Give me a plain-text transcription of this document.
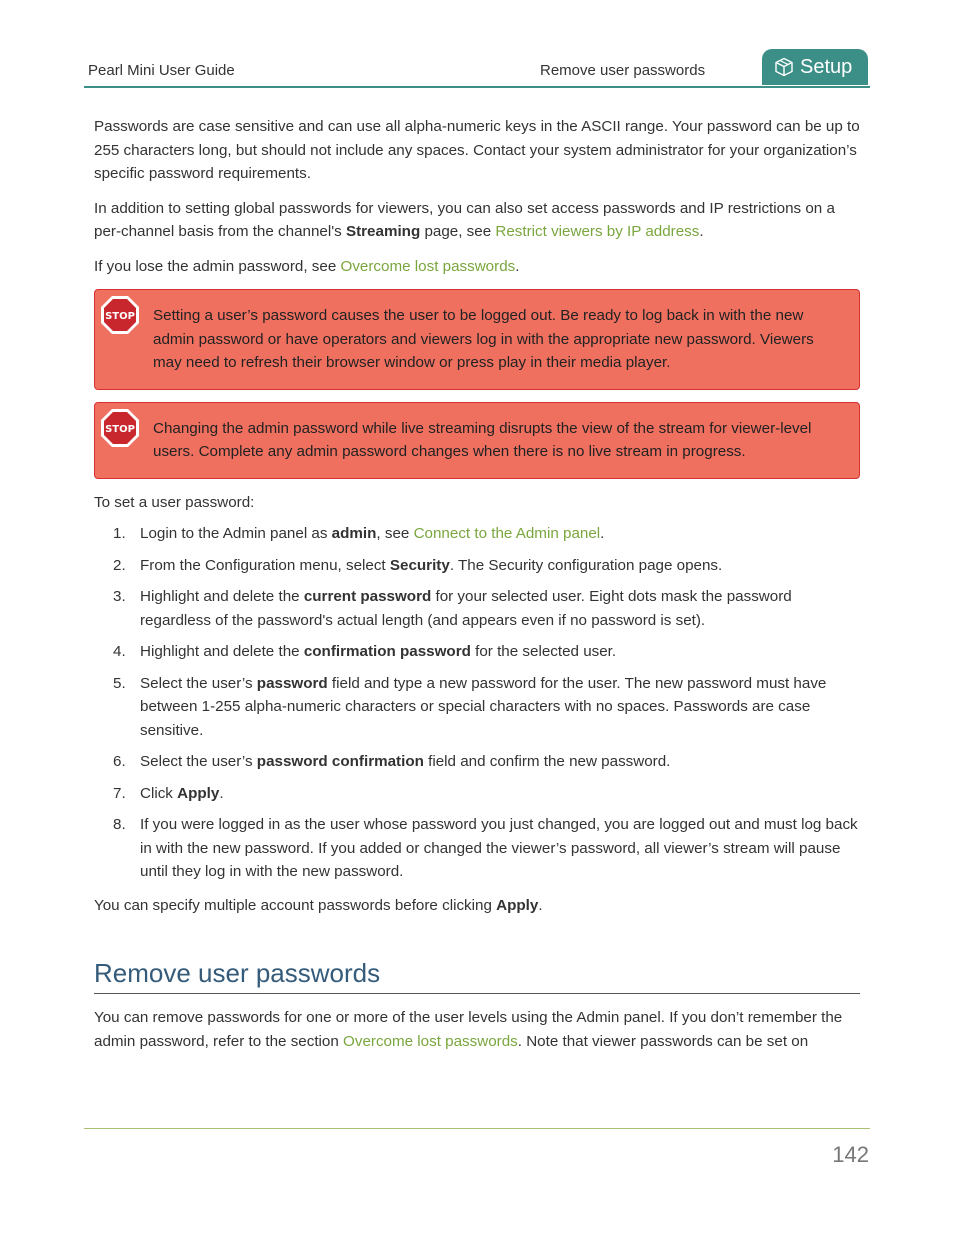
Pearl Mini User Guide	Remove user passwords	Setup

Passwords are case sensitive and can use all alpha-numeric keys in the ASCII range. Your password can be up to 255 characters long, but should not include any spaces. Contact your system administrator for your organization’s specific password requirements.

In addition to setting global passwords for viewers, you can also set access passwords and IP restrictions on a per-channel basis from the channel's Streaming page, see Restrict viewers by IP address.

If you lose the admin password, see Overcome lost passwords.

STOP Setting a user’s password causes the user to be logged out. Be ready to log back in with the new admin password or have operators and viewers log in with the appropriate new password. Viewers may need to refresh their browser window or press play in their media player.
STOP Changing the admin password while live streaming disrupts the view of the stream for viewer-level users. Complete any admin password changes when there is no live stream in progress.

To set a user password:

1. Login to the Admin panel as admin, see Connect to the Admin panel.
2. From the Configuration menu, select Security. The Security configuration page opens.
3. Highlight and delete the current password for your selected user. Eight dots mask the password regardless of the password's actual length (and appears even if no password is set).
4. Highlight and delete the confirmation password for the selected user.
5. Select the user’s password field and type a new password for the user. The new password must have between 1-255 alpha-numeric characters or special characters with no spaces. Passwords are case sensitive.
6. Select the user’s password confirmation field and confirm the new password.
7. Click Apply.
8. If you were logged in as the user whose password you just changed, you are logged out and must log back in with the new password. If you added or changed the viewer’s password, all viewer’s stream will pause until they log in with the new password.

You can specify multiple account passwords before clicking Apply.

Remove user passwords

You can remove passwords for one or more of the user levels using the Admin panel. If you don’t remember the admin password, refer to the section Overcome lost passwords. Note that viewer passwords can be set on

142
